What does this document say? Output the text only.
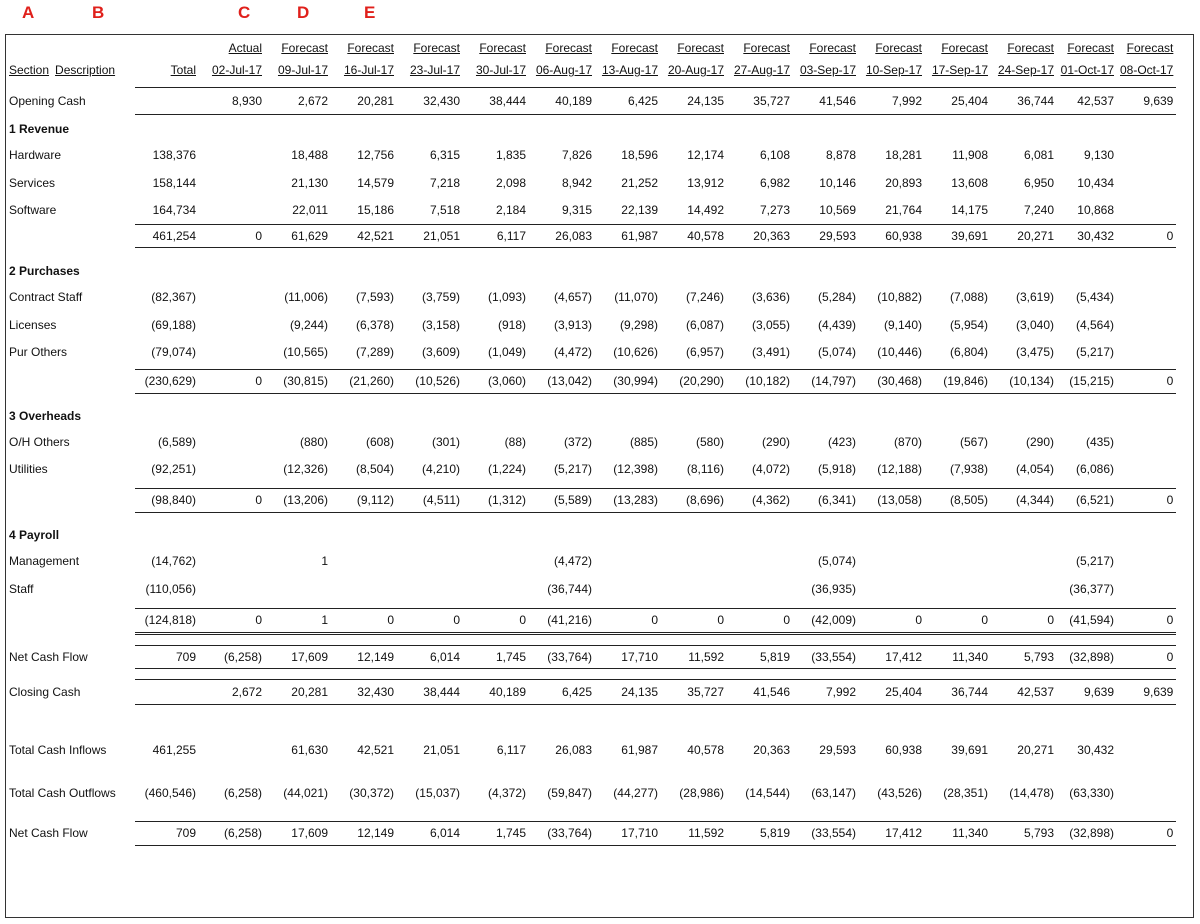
A	B	C	D	E

		Actual	Forecast	Forecast	Forecast	Forecast	Forecast	Forecast	Forecast	Forecast	Forecast	Forecast	Forecast	Forecast	Forecast	Forecast
Section Description	Total	02-Jul-17	09-Jul-17	16-Jul-17	23-Jul-17	30-Jul-17	06-Aug-17	13-Aug-17	20-Aug-17	27-Aug-17	03-Sep-17	10-Sep-17	17-Sep-17	24-Sep-17	01-Oct-17	08-Oct-17

Opening Cash		8,930	2,672	20,281	32,430	38,444	40,189	6,425	24,135	35,727	41,546	7,992	25,404	36,744	42,537	9,639

1 Revenue																
Hardware	138,376		18,488	12,756	6,315	1,835	7,826	18,596	12,174	6,108	8,878	18,281	11,908	6,081	9,130	
Services	158,144		21,130	14,579	7,218	2,098	8,942	21,252	13,912	6,982	10,146	20,893	13,608	6,950	10,434	
Software	164,734		22,011	15,186	7,518	2,184	9,315	22,139	14,492	7,273	10,569	21,764	14,175	7,240	10,868	
	461,254	0	61,629	42,521	21,051	6,117	26,083	61,987	40,578	20,363	29,593	60,938	39,691	20,271	30,432	0

2 Purchases																
Contract Staff	(82,367)		(11,006)	(7,593)	(3,759)	(1,093)	(4,657)	(11,070)	(7,246)	(3,636)	(5,284)	(10,882)	(7,088)	(3,619)	(5,434)	
Licenses	(69,188)		(9,244)	(6,378)	(3,158)	(918)	(3,913)	(9,298)	(6,087)	(3,055)	(4,439)	(9,140)	(5,954)	(3,040)	(4,564)	
Pur Others	(79,074)		(10,565)	(7,289)	(3,609)	(1,049)	(4,472)	(10,626)	(6,957)	(3,491)	(5,074)	(10,446)	(6,804)	(3,475)	(5,217)	

	(230,629)	0	(30,815)	(21,260)	(10,526)	(3,060)	(13,042)	(30,994)	(20,290)	(10,182)	(14,797)	(30,468)	(19,846)	(10,134)	(15,215)	0

3 Overheads																
O/H Others	(6,589)		(880)	(608)	(301)	(88)	(372)	(885)	(580)	(290)	(423)	(870)	(567)	(290)	(435)	
Utilities	(92,251)		(12,326)	(8,504)	(4,210)	(1,224)	(5,217)	(12,398)	(8,116)	(4,072)	(5,918)	(12,188)	(7,938)	(4,054)	(6,086)	

	(98,840)	0	(13,206)	(9,112)	(4,511)	(1,312)	(5,589)	(13,283)	(8,696)	(4,362)	(6,341)	(13,058)	(8,505)	(4,344)	(6,521)	0

4 Payroll																
Management	(14,762)		1				(4,472)				(5,074)				(5,217)	
Staff	(110,056)						(36,744)				(36,935)				(36,377)	

	(124,818)	0	1	0	0	0	(41,216)	0	0	0	(42,009)	0	0	0	(41,594)	0

Net Cash Flow	709	(6,258)	17,609	12,149	6,014	1,745	(33,764)	17,710	11,592	5,819	(33,554)	17,412	11,340	5,793	(32,898)	0

Closing Cash		2,672	20,281	32,430	38,444	40,189	6,425	24,135	35,727	41,546	7,992	25,404	36,744	42,537	9,639	9,639

Total Cash Inflows	461,255		61,630	42,521	21,051	6,117	26,083	61,987	40,578	20,363	29,593	60,938	39,691	20,271	30,432	

Total Cash Outflows	(460,546)	(6,258)	(44,021)	(30,372)	(15,037)	(4,372)	(59,847)	(44,277)	(28,986)	(14,544)	(63,147)	(43,526)	(28,351)	(14,478)	(63,330)	

Net Cash Flow	709	(6,258)	17,609	12,149	6,014	1,745	(33,764)	17,710	11,592	5,819	(33,554)	17,412	11,340	5,793	(32,898)	0
